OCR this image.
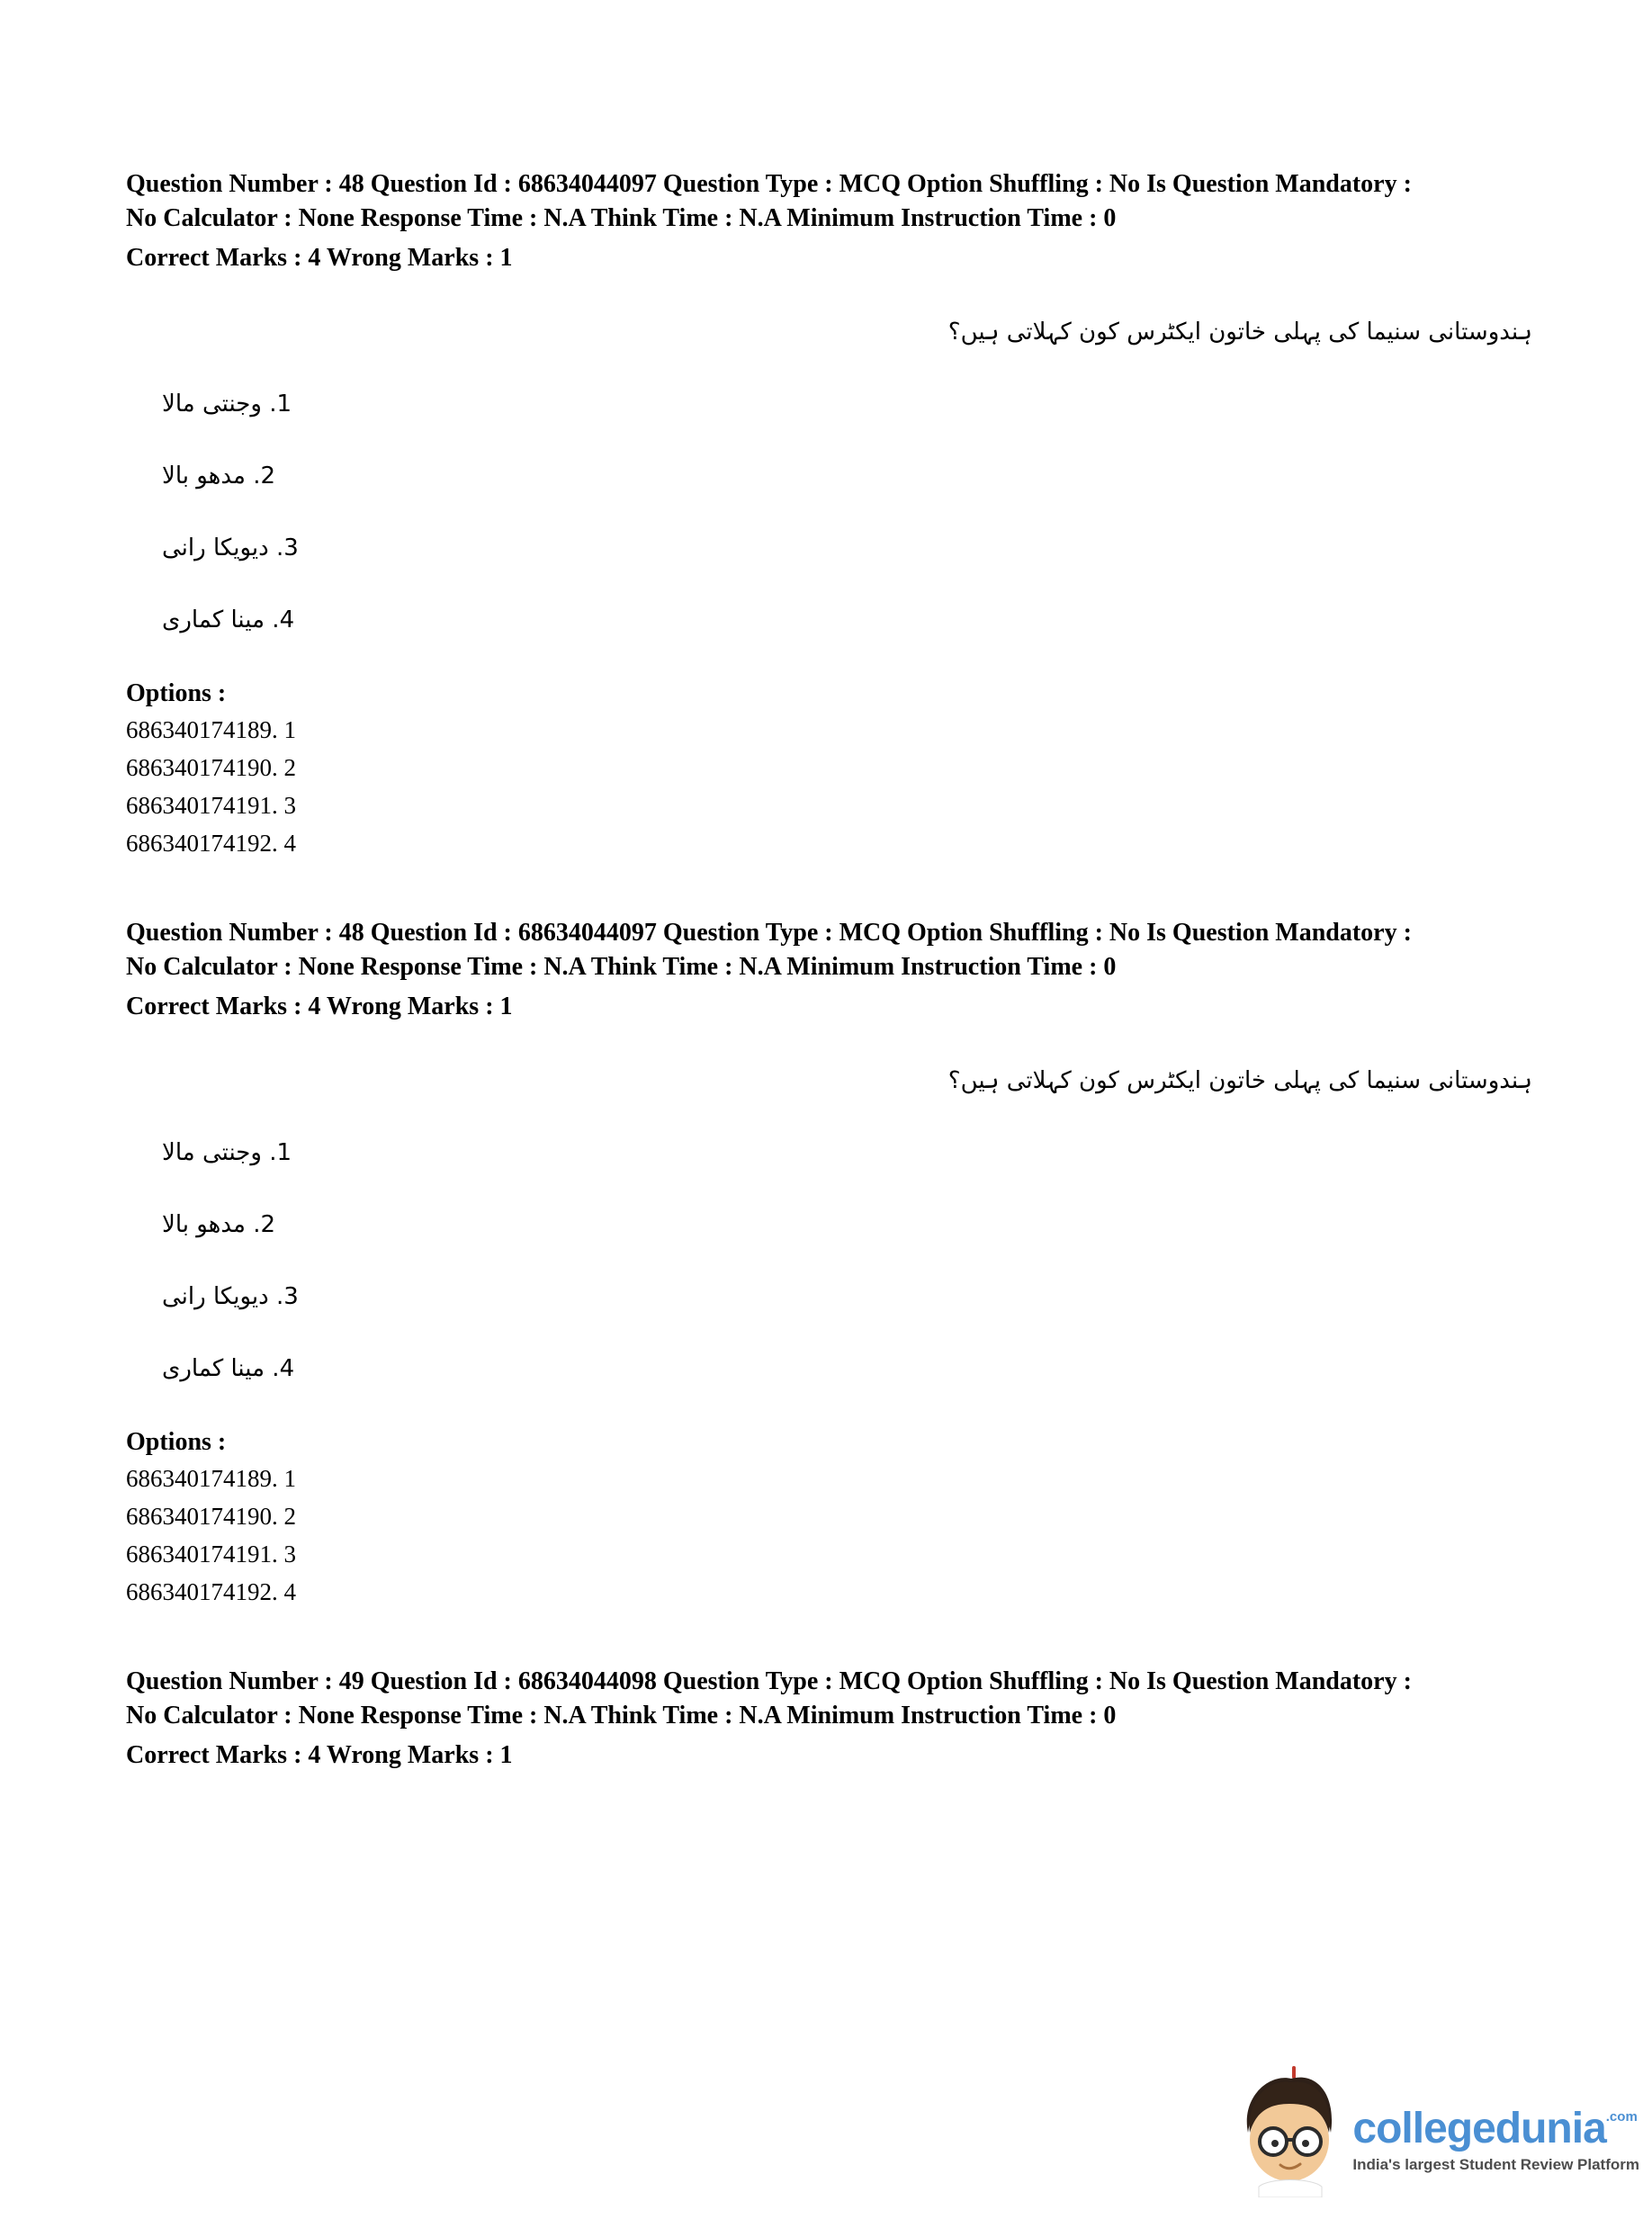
Question Number : 48 Question Id : 68634044097 Question Type : MCQ Option Shuffling : No Is Question Mandatory :
No Calculator : None Response Time : N.A Think Time : N.A Minimum Instruction Time : 0

Correct Marks : 4 Wrong Marks : 1

ہندوستانی سنیما کی پہلی خاتون ایکٹرس کون کہلاتی ہیں؟
1. وجنتی مالا
2. مدھو بالا
3. دیویکا رانی
4. مینا کماری
Options :

686340174189. 1

686340174190. 2

686340174191. 3

686340174192. 4

Question Number : 48 Question Id : 68634044097 Question Type : MCQ Option Shuffling : No Is Question Mandatory :
No Calculator : None Response Time : N.A Think Time : N.A Minimum Instruction Time : 0

Correct Marks : 4 Wrong Marks : 1

ہندوستانی سنیما کی پہلی خاتون ایکٹرس کون کہلاتی ہیں؟
1. وجنتی مالا
2. مدھو بالا
3. دیویکا رانی
4. مینا کماری
Options :

686340174189. 1

686340174190. 2

686340174191. 3

686340174192. 4

Question Number : 49 Question Id : 68634044098 Question Type : MCQ Option Shuffling : No Is Question Mandatory :
No Calculator : None Response Time : N.A Think Time : N.A Minimum Instruction Time : 0

Correct Marks : 4 Wrong Marks : 1

collegedunia$^{.com}$
India's largest Student Review Platform
